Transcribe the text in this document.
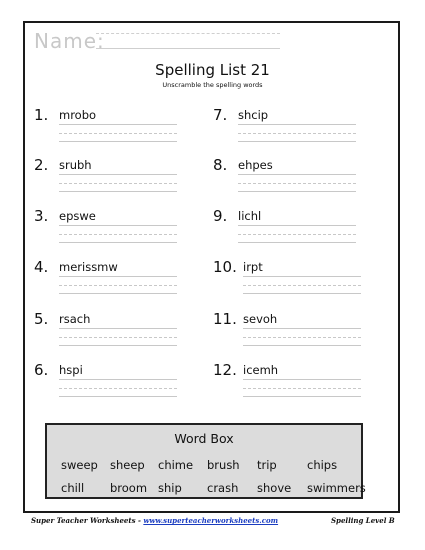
Name:
Spelling List 21
Unscramble the spelling words
1. mrobo
2. srubh
3. epswe
4. merissmw
5. rsach
6. hspi
7. shcip
8. ehpes
9. lichl
10. irpt
11. sevoh
12. icemh
Word Box
sweep sheep chime brush trip	chips
chill broom ship crash shove swimmers
Super Teacher Worksheets - www.superteacherworksheets.com	Spelling Level B
